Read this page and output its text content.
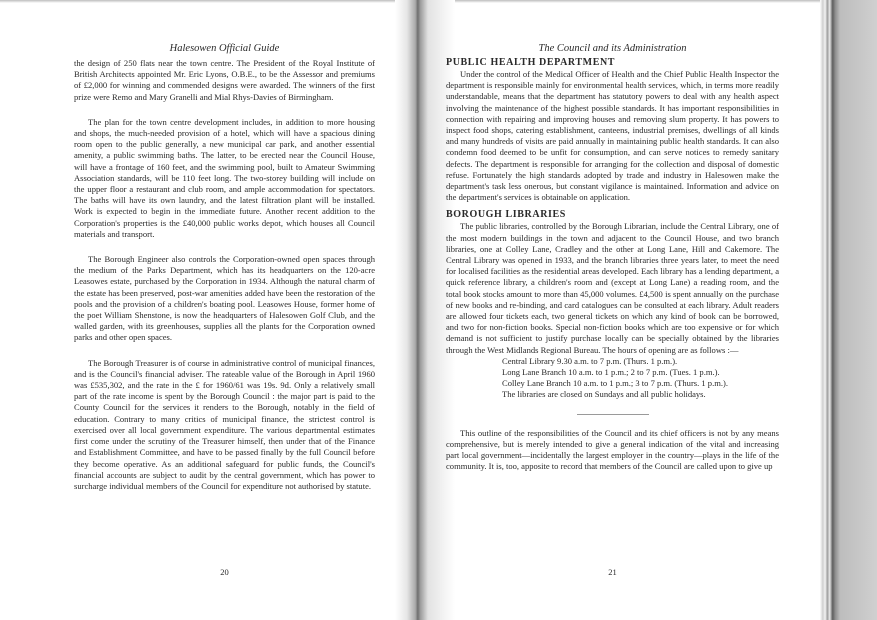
Halesowen Official Guide

the design of 250 flats near the town centre. The President of the Royal Institute of British Architects appointed Mr. Eric Lyons, O.B.E., to be the Assessor and premiums of £2,000 for winning and commended designs were awarded. The winners of the first prize were Remo and Mary Granelli and Mial Rhys-Davies of Birmingham.

The plan for the town centre development includes, in addition to more housing and shops, the much-needed provision of a hotel, which will have a spacious dining room open to the public generally, a new municipal car park, and another essential amenity, a public swimming baths. The latter, to be erected near the Council House, will have a frontage of 160 feet, and the swimming pool, built to Amateur Swimming Association standards, will be 110 feet long. The two-storey building will include on the upper floor a restaurant and club room, and ample accommodation for spectators. The baths will have its own laundry, and the latest filtration plant will be installed. Work is expected to begin in the immediate future. Another recent addition to the Corporation's properties is the £40,000 public works depot, which houses all Council materials and transport.

The Borough Engineer also controls the Corporation-owned open spaces through the medium of the Parks Department, which has its headquarters on the 120-acre Leasowes estate, purchased by the Corporation in 1934. Although the natural charm of the estate has been preserved, post-war amenities added have been the restoration of the pools and the provision of a children's boating pool. Leasowes House, former home of the poet William Shenstone, is now the headquarters of Halesowen Golf Club, and the walled garden, with its greenhouses, supplies all the plants for the Corporation owned parks and other open spaces.

The Borough Treasurer is of course in administrative control of municipal finances, and is the Council's financial adviser. The rateable value of the Borough in April 1960 was £535,302, and the rate in the £ for 1960/61 was 19s. 9d. Only a relatively small part of the rate income is spent by the Borough Council : the major part is paid to the County Council for the services it renders to the Borough, notably in the field of education. Contrary to many critics of municipal finance, the strictest control is exercised over all local government expenditure. The various departmental estimates first come under the scrutiny of the Treasurer himself, then under that of the Finance and Establishment Committee, and have to be passed finally by the full Council before they become operative. As an additional safeguard for public funds, the Council's financial accounts are subject to audit by the central government, which has power to surcharge individual members of the Council for expenditure not authorised by statute.

20
The Council and its Administration
PUBLIC HEALTH DEPARTMENT

Under the control of the Medical Officer of Health and the Chief Public Health Inspector the department is responsible mainly for environmental health services, which, in terms more readily understandable, means that the department has statutory powers to deal with any health aspect involving the maintenance of the highest possible standards. It has important responsibilities in connection with repairing and improving houses and removing slum property. It has powers to inspect food shops, catering establishment, canteens, industrial premises, dwellings of all kinds and many hundreds of visits are paid annually in maintaining public health standards. It can also condemn food deemed to be unfit for consumption, and can serve notices to remedy sanitary defects. The department is responsible for arranging for the collection and disposal of domestic refuse. Fortunately the high standards adopted by trade and industry in Halesowen make the department's task less onerous, but constant vigilance is maintained. Information and advice on the department's services is obtainable on application.

BOROUGH LIBRARIES

The public libraries, controlled by the Borough Librarian, include the Central Library, one of the most modern buildings in the town and adjacent to the Council House, and two branch libraries, one at Colley Lane, Cradley and the other at Long Lane, Hill and Cakemore. The Central Library was opened in 1933, and the branch libraries three years later, to meet the need for localised facilities as the residential areas developed. Each library has a lending department, a quick reference library, a children's room and (except at Long Lane) a reading room, and the total book stocks amount to more than 45,000 volumes. £4,500 is spent annually on the purchase of new books and re-binding, and card catalogues can be consulted at each library. Adult readers are allowed four tickets each, two general tickets on which any kind of book can be borrowed, and two for non-fiction books. Special non-fiction books which are too expensive or for which demand is not sufficient to justify purchase locally can be specially obtained by the libraries through the West Midlands Regional Bureau. The hours of opening are as follows :—

Central Library 9.30 a.m. to 7 p.m. (Thurs. 1 p.m.).
Long Lane Branch 10 a.m. to 1 p.m.; 2 to 7 p.m. (Tues. 1 p.m.).
Colley Lane Branch 10 a.m. to 1 p.m.; 3 to 7 p.m. (Thurs. 1 p.m.).
The libraries are closed on Sundays and all public holidays.

This outline of the responsibilities of the Council and its chief officers is not by any means comprehensive, but is merely intended to give a general indication of the vital and increasing part local government—incidentally the largest employer in the country—plays in the life of the community. It is, too, apposite to record that members of the Council are called upon to give up

21
